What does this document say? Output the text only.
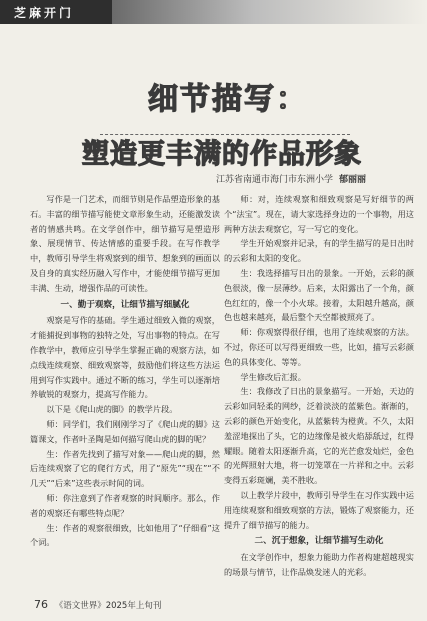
芝麻开门
细节描写：
塑造更丰满的作品形象
江苏省南通市海门市东洲小学 郁丽丽

写作是一门艺术，而细节则是作品塑造形象的基石。丰富的细节描写能使文章形象生动，还能激发读者的情感共鸣。在文学创作中，细节描写是塑造形象、展现情节、传达情感的重要手段。在写作教学中，教师引导学生将观察到的细节、想象到的画面以及自身的真实经历融入写作中，才能使细节描写更加丰满、生动，增强作品的可读性。

一、勤于观察，让细节描写细腻化

观察是写作的基础。学生通过细致入微的观察，才能捕捉到事物的独特之处，写出事物的特点。在写作教学中，教师应引导学生掌握正确的观察方法，如点线连续观察、细致观察等，鼓励他们将这些方法运用到写作实践中。通过不断的练习，学生可以逐渐培养敏锐的观察力，提高写作能力。

以下是《爬山虎的脚》的教学片段。

师：同学们，我们刚刚学习了《爬山虎的脚》这篇课文，作者叶圣陶是如何描写爬山虎的脚的呢？

生：作者先找到了描写对象——爬山虎的脚，然后连续观察了它的爬行方式，用了“原先”“现在”“不几天”“后来”这些表示时间的词。

师：你注意到了作者观察的时间顺序。那么，作者的观察还有哪些特点呢？

生：作者的观察很细致，比如他用了“仔细看”这个词。

师：对，连续观察和细致观察是写好细节的两个“法宝”。现在，请大家选择身边的一个事物，用这两种方法去观察它，写一写它的变化。

学生开始观察并记录，有的学生描写的是日出时的云彩和太阳的变化。

生：我选择描写日出的景象。一开始，云彩的颜色很淡，像一层薄纱。后来，太阳露出了一个角，颜色红红的，像一个小火球。接着，太阳越升越高，颜色也越来越亮，最后整个天空都被照亮了。

师：你观察得很仔细，也用了连续观察的方法。不过，你还可以写得更细致一些，比如，描写云彩颜色的具体变化、等等。

学生修改后汇报。

生：我修改了日出的景象描写。一开始，天边的云彩如同轻柔的网纱，泛着淡淡的蓝紫色。渐渐的，云彩的颜色开始变化，从蓝紫转为橙黄。不久，太阳羞涩地探出了头，它的边缘像是被火焰舔舐过，红得耀眼。随着太阳逐渐升高，它的光芒愈发灿烂，金色的光辉照射大地，将一切笼罩在一片祥和之中。云彩变得五彩斑斓，美不胜收。

以上教学片段中，教师引导学生在习作实践中运用连续观察和细致观察的方法，锻炼了观察能力，还提升了细节描写的能力。

二、沉于想象，让细节描写生动化

在文学创作中，想象力能助力作者构建超越现实的场景与情节，让作品焕发迷人的光彩。

76 《语文世界》2025年上旬刊
